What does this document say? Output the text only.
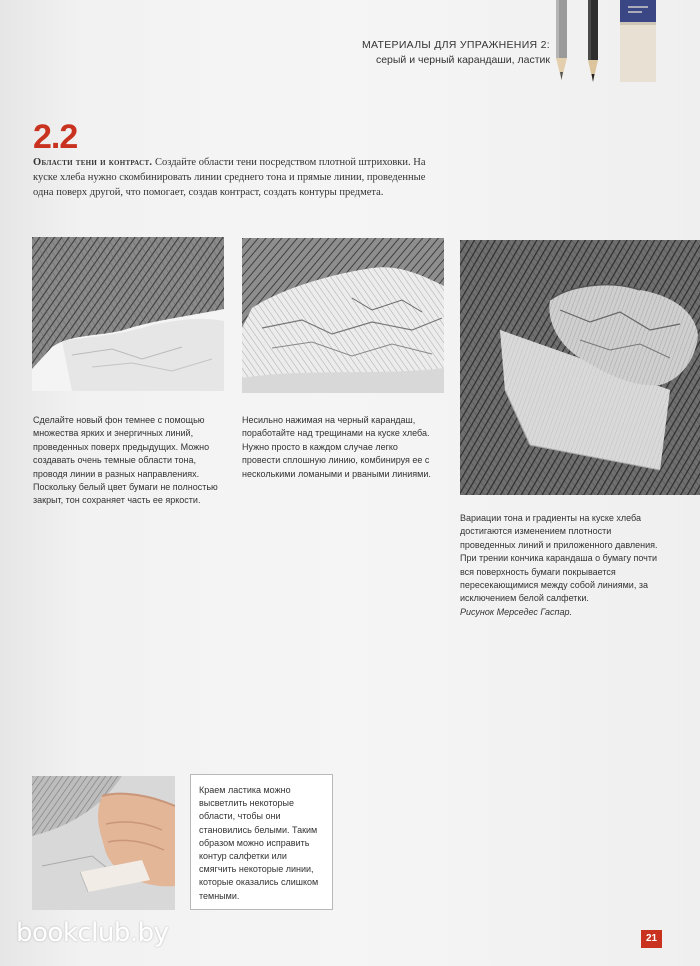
МАТЕРИАЛЫ ДЛЯ УПРАЖНЕНИЯ 2:
серый и черный карандаши, ластик
2.2
Области тени и контраст. Создайте области тени посредством плотной штриховки. На куске хлеба нужно скомбинировать линии среднего тона и прямые линии, проведенные одна поверх другой, что помогает, создав контраст, создать контуры предмета.
Сделайте новый фон темнее с помощью множества ярких и энергичных линий, проведенных поверх предыдущих. Можно создавать очень темные области тона, проводя линии в разных направлениях. Поскольку белый цвет бумаги не полностью закрыт, тон сохраняет часть ее яркости.
Несильно нажимая на черный карандаш, поработайте над трещинами на куске хлеба. Нужно просто в каждом случае легко провести сплошную линию, комбинируя ее с несколькими ломаными и рваными линиями.
Вариации тона и градиенты на куске хлеба достигаются изменением плотности проведенных линий и приложенного давления. При трении кончика карандаша о бумагу почти вся поверхность бумаги покрывается пересекающимися между собой линиями, за исключением белой салфетки.
Рисунок Мерседес Гаспар.
Краем ластика можно высветлить некоторые области, чтобы они становились белыми. Таким образом можно исправить контур салфетки или смягчить некоторые линии, которые оказались слишком темными.
bookclub.by	21
